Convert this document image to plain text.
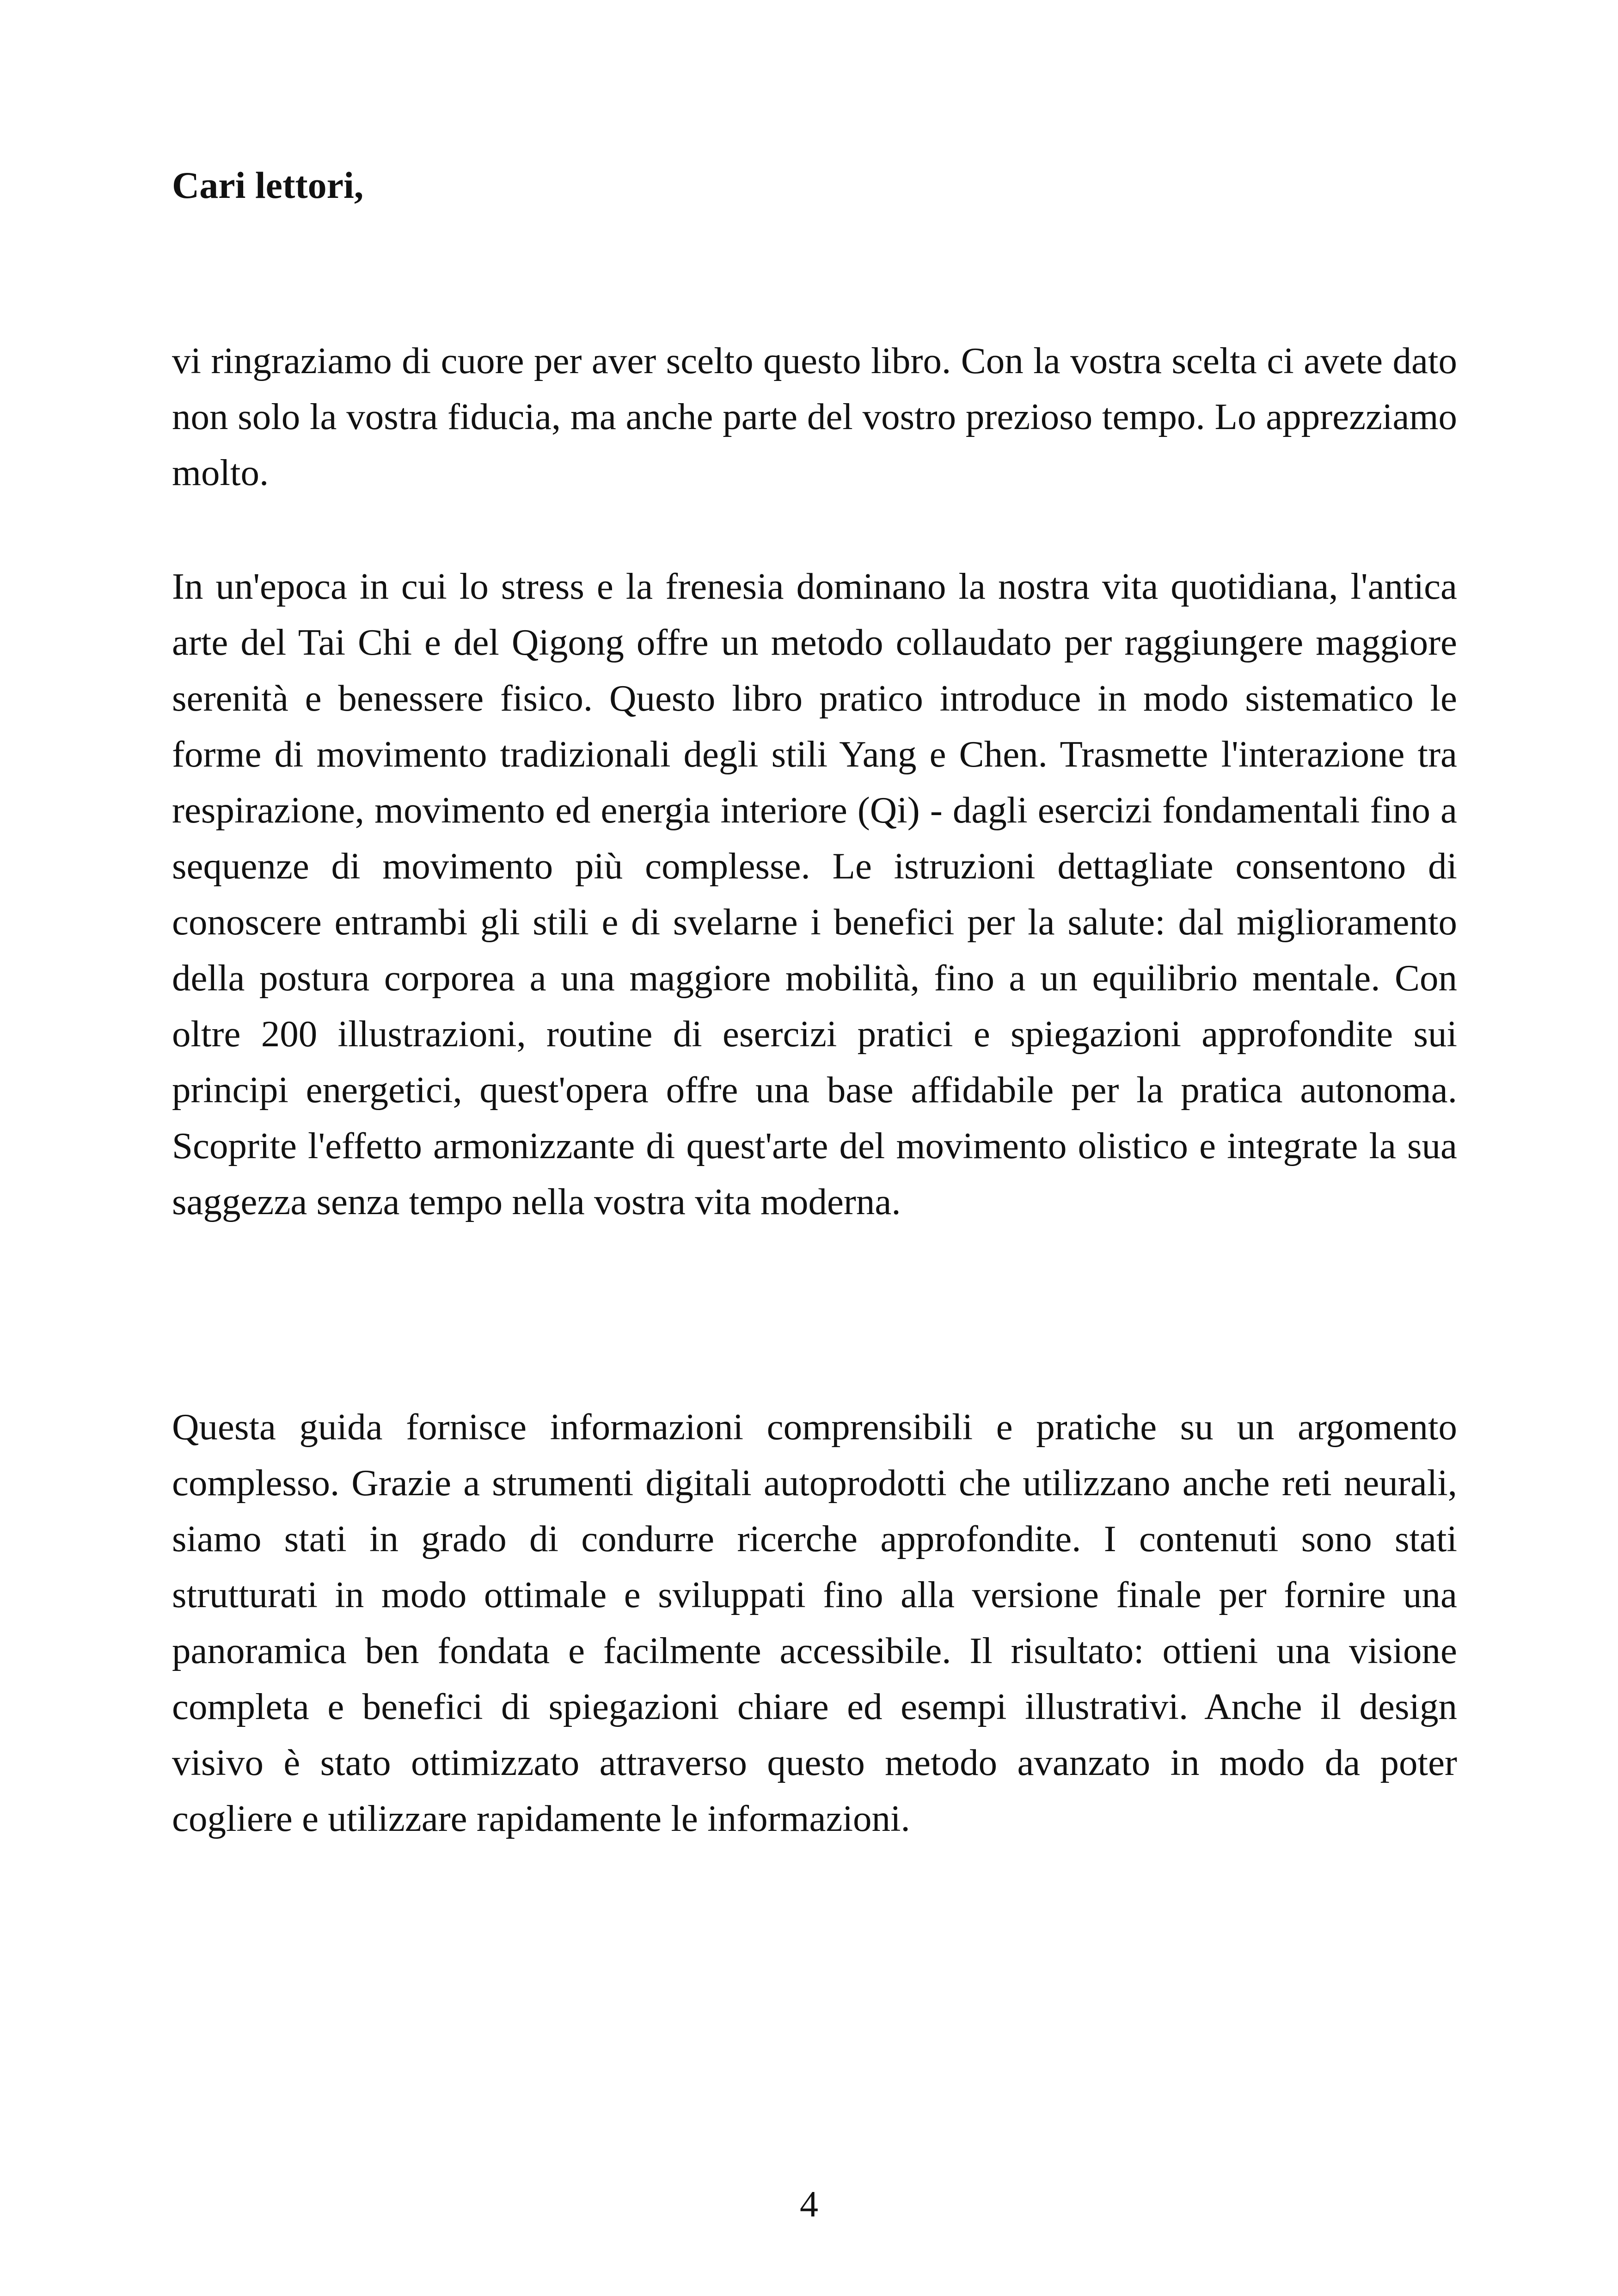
Cari lettori,

vi ringraziamo di cuore per aver scelto questo libro. Con la vostra scelta ci avete dato non solo la vostra fiducia, ma anche parte del vostro prezioso tempo. Lo apprezziamo molto.

In un'epoca in cui lo stress e la frenesia dominano la nostra vita quotidiana, l'antica arte del Tai Chi e del Qigong offre un metodo collaudato per raggiungere maggiore serenità e benessere fisico. Questo libro pratico introduce in modo sistematico le forme di movimento tradizionali degli stili Yang e Chen. Trasmette l'interazione tra respirazione, movimento ed energia interiore (Qi) - dagli esercizi fondamentali fino a sequenze di movimento più complesse. Le istruzioni dettagliate consentono di conoscere entrambi gli stili e di svelarne i benefici per la salute: dal miglioramento della postura corporea a una maggiore mobilità, fino a un equilibrio mentale. Con oltre 200 illustrazioni, routine di esercizi pratici e spiegazioni approfondite sui principi energetici, quest'opera offre una base affidabile per la pratica autonoma. Scoprite l'effetto armonizzante di quest'arte del movimento olistico e integrate la sua saggezza senza tempo nella vostra vita moderna.

Questa guida fornisce informazioni comprensibili e pratiche su un argomento complesso. Grazie a strumenti digitali autoprodotti che utilizzano anche reti neurali, siamo stati in grado di condurre ricerche approfondite. I contenuti sono stati strutturati in modo ottimale e sviluppati fino alla versione finale per fornire una panoramica ben fondata e facilmente accessibile. Il risultato: ottieni una visione completa e benefici di spiegazioni chiare ed esempi illustrativi. Anche il design visivo è stato ottimizzato attraverso questo metodo avanzato in modo da poter cogliere e utilizzare rapidamente le informazioni.

4
